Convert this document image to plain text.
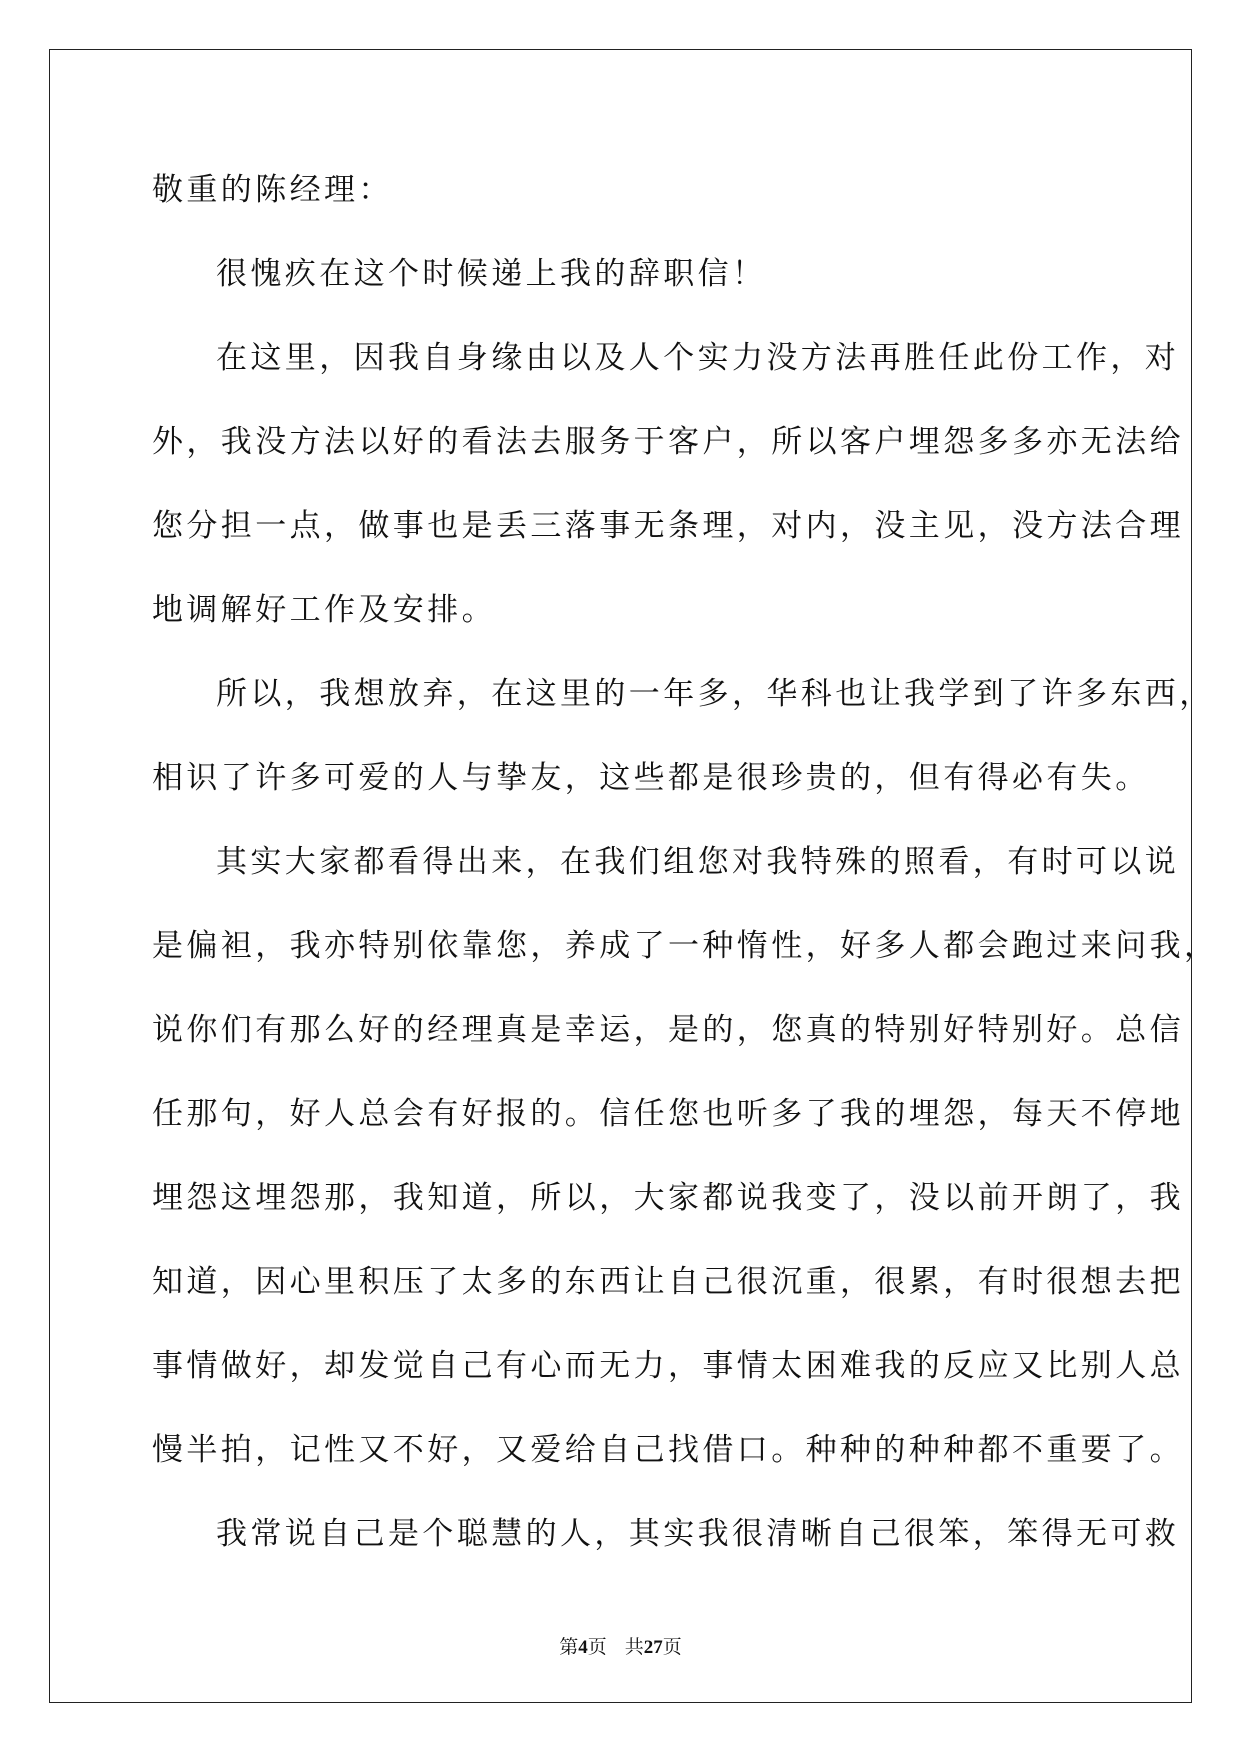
敬重的陈经理：
很愧疚在这个时候递上我的辞职信！
在这里，因我自身缘由以及人个实力没方法再胜任此份工作，对
外，我没方法以好的看法去服务于客户，所以客户埋怨多多亦无法给
您分担一点，做事也是丢三落事无条理，对内，没主见，没方法合理
地调解好工作及安排。
所以，我想放弃，在这里的一年多，华科也让我学到了许多东西，
相识了许多可爱的人与挚友，这些都是很珍贵的，但有得必有失。
其实大家都看得出来，在我们组您对我特殊的照看，有时可以说
是偏袒，我亦特别依靠您，养成了一种惰性，好多人都会跑过来问我，
说你们有那么好的经理真是幸运，是的，您真的特别好特别好。总信
任那句，好人总会有好报的。信任您也听多了我的埋怨，每天不停地
埋怨这埋怨那，我知道，所以，大家都说我变了，没以前开朗了，我
知道，因心里积压了太多的东西让自己很沉重，很累，有时很想去把
事情做好，却发觉自己有心而无力，事情太困难我的反应又比别人总
慢半拍，记性又不好，又爱给自己找借口。种种的种种都不重要了。
我常说自己是个聪慧的人，其实我很清晰自己很笨，笨得无可救
第4页 共27页
